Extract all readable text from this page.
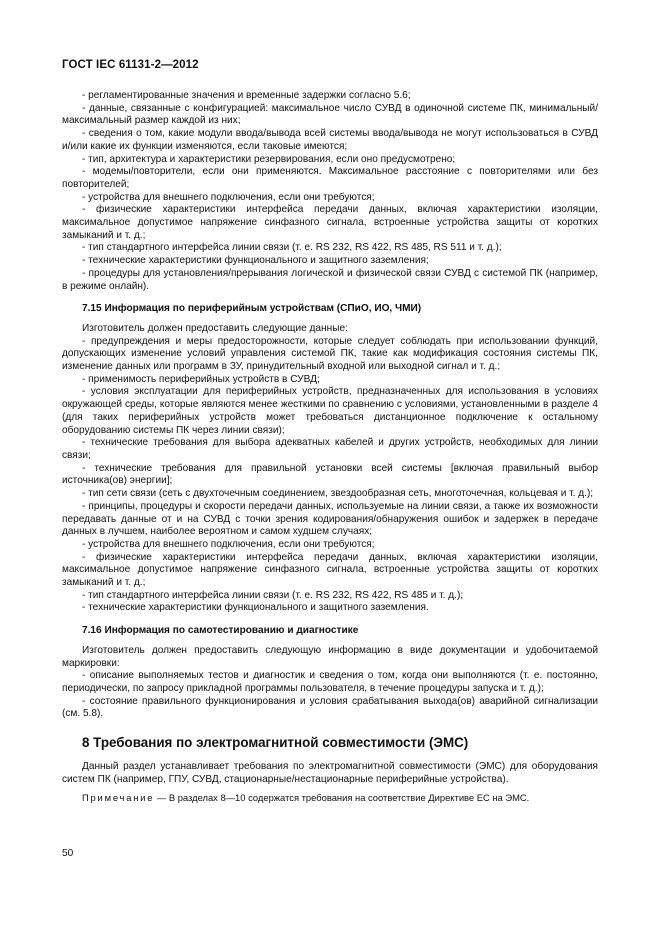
ГОСТ IEC 61131-2—2012

- регламентированные значения и временные задержки согласно 5.6;

- данные, связанные с конфигурацией: максимальное число СУВД в одиночной системе ПК, минимальный/максимальный размер каждой из них;

- сведения о том, какие модули ввода/вывода всей системы ввода/вывода не могут использоваться в СУВД и/или какие их функции изменяются, если таковые имеются;

- тип, архитектура и характеристики резервирования, если оно предусмотрено;

- модемы/повторители, если они применяются. Максимальное расстояние с повторителями или без повторителей;

- устройства для внешнего подключения, если они требуются;

- физические характеристики интерфейса передачи данных, включая характеристики изоляции, максимальное допустимое напряжение синфазного сигнала, встроенные устройства защиты от коротких замыканий и т. д.;

- тип стандартного интерфейса линии связи (т. е. RS 232, RS 422, RS 485, RS 511 и т. д.);

- технические характеристики функционального и защитного заземления;

- процедуры для установления/прерывания логической и физической связи СУВД с системой ПК (например, в режиме онлайн).

7.15 Информация по периферийным устройствам (СПиО, ИО, ЧМИ)

Изготовитель должен предоставить следующие данные:

- предупреждения и меры предосторожности, которые следует соблюдать при использовании функций, допускающих изменение условий управления системой ПК, такие как модификация состояния системы ПК, изменение данных или программ в ЗУ, принудительный входной или выходной сигнал и т. д.;

- применимость периферийных устройств в СУВД;

- условия эксплуатации для периферийных устройств, предназначенных для использования в условиях окружающей среды, которые являются менее жесткими по сравнению с условиями, установленными в разделе 4 (для таких периферийных устройств может требоваться дистанционное подключение к остальному оборудованию системы ПК через линии связи);

- технические требования для выбора адекватных кабелей и других устройств, необходимых для линии связи;

- технические требования для правильной установки всей системы [включая правильный выбор источника(ов) энергии];

- тип сети связи (сеть с двухточечным соединением, звездообразная сеть, многоточечная, кольцевая и т. д.);

- принципы, процедуры и скорости передачи данных, используемые на линии связи, а также их возможности передавать данные от и на СУВД с точки зрения кодирования/обнаружения ошибок и задержек в передаче данных в лучшем, наиболее вероятном и самом худшем случаях;

- устройства для внешнего подключения, если они требуются;

- физические характеристики интерфейса передачи данных, включая характеристики изоляции, максимальное допустимое напряжение синфазного сигнала, встроенные устройства защиты от коротких замыканий и т. д.;

- тип стандартного интерфейса линии связи (т. е. RS 232, RS 422, RS 485 и т. д.);

- технические характеристики функционального и защитного заземления.

7.16 Информация по самотестированию и диагностике

Изготовитель должен предоставить следующую информацию в виде документации и удобочитаемой маркировки:

- описание выполняемых тестов и диагностик и сведения о том, когда они выполняются (т. е. постоянно, периодически, по запросу прикладной программы пользователя, в течение процедуры запуска и т. д.);

- состояние правильного функционирования и условия срабатывания выхода(ов) аварийной сигнализации (см. 5.8).

8 Требования по электромагнитной совместимости (ЭМС)

Данный раздел устанавливает требования по электромагнитной совместимости (ЭМС) для оборудования систем ПК (например, ГПУ, СУВД, стационарные/нестационарные периферийные устройства).

Примечание — В разделах 8—10 содержатся требования на соответствие Директиве ЕС на ЭМС.

50
